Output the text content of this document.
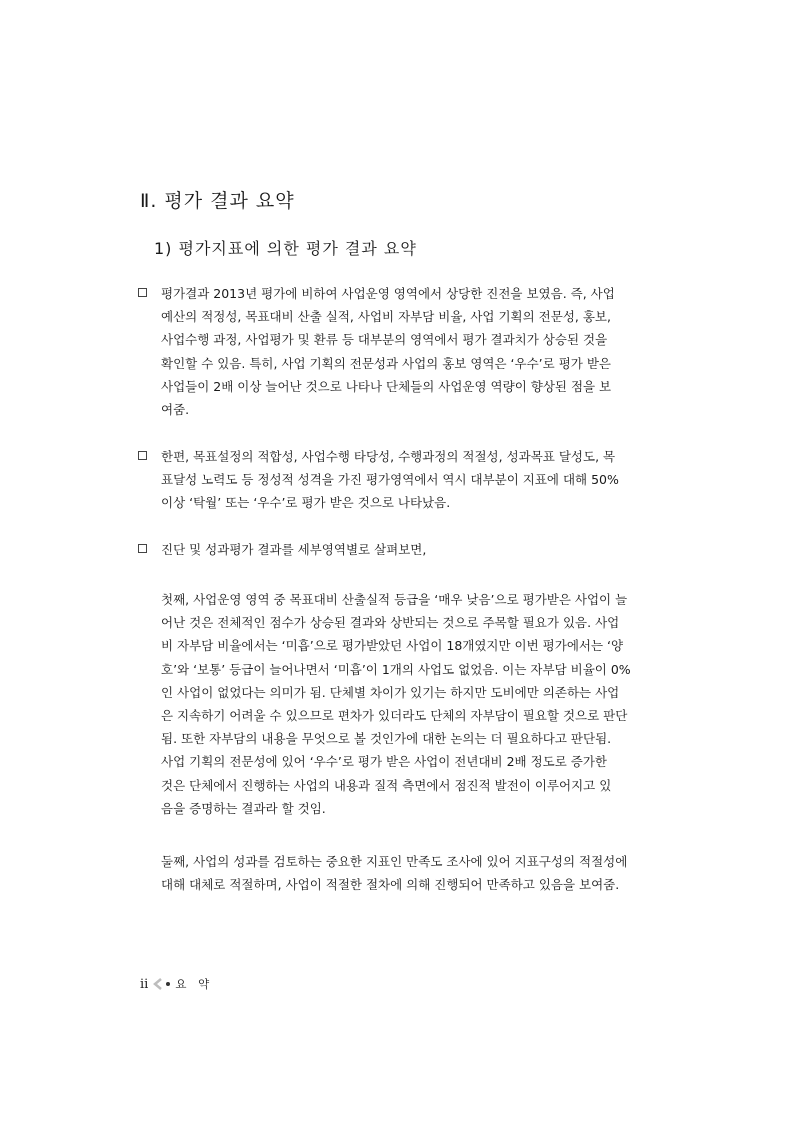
Ⅱ. 평가 결과 요약
1) 평가지표에 의한 평가 결과 요약
평가결과 2013년 평가에 비하여 사업운영 영역에서 상당한 진전을 보였음. 즉, 사업
예산의 적정성, 목표대비 산출 실적, 사업비 자부담 비율, 사업 기획의 전문성, 홍보,
사업수행 과정, 사업평가 및 환류 등 대부분의 영역에서 평가 결과치가 상승된 것을
확인할 수 있음. 특히, 사업 기획의 전문성과 사업의 홍보 영역은 ‘우수’로 평가 받은
사업들이 2배 이상 늘어난 것으로 나타나 단체들의 사업운영 역량이 향상된 점을 보
여줌.
한편, 목표설정의 적합성, 사업수행 타당성, 수행과정의 적절성, 성과목표 달성도, 목
표달성 노력도 등 정성적 성격을 가진 평가영역에서 역시 대부분이 지표에 대해 50%
이상 ‘탁월’ 또는 ‘우수’로 평가 받은 것으로 나타났음.
진단 및 성과평가 결과를 세부영역별로 살펴보면,

첫째, 사업운영 영역 중 목표대비 산출실적 등급을 ‘매우 낮음’으로 평가받은 사업이 늘
어난 것은 전체적인 점수가 상승된 결과와 상반되는 것으로 주목할 필요가 있음. 사업
비 자부담 비율에서는 ‘미흡’으로 평가받았던 사업이 18개였지만 이번 평가에서는 ‘양
호’와 ‘보통’ 등급이 늘어나면서 ‘미흡’이 1개의 사업도 없었음. 이는 자부담 비율이 0%
인 사업이 없었다는 의미가 됨. 단체별 차이가 있기는 하지만 도비에만 의존하는 사업
은 지속하기 어려울 수 있으므로 편차가 있더라도 단체의 자부담이 필요할 것으로 판단
됨. 또한 자부담의 내용을 무엇으로 볼 것인가에 대한 논의는 더 필요하다고 판단됨.
사업 기획의 전문성에 있어 ‘우수’로 평가 받은 사업이 전년대비 2배 정도로 증가한
것은 단체에서 진행하는 사업의 내용과 질적 측면에서 점진적 발전이 이루어지고 있
음을 증명하는 결과라 할 것임.

둘째, 사업의 성과를 검토하는 중요한 지표인 만족도 조사에 있어 지표구성의 적절성에
대해 대체로 적절하며, 사업이 적절한 절차에 의해 진행되어 만족하고 있음을 보여줌.

ii 요 약
